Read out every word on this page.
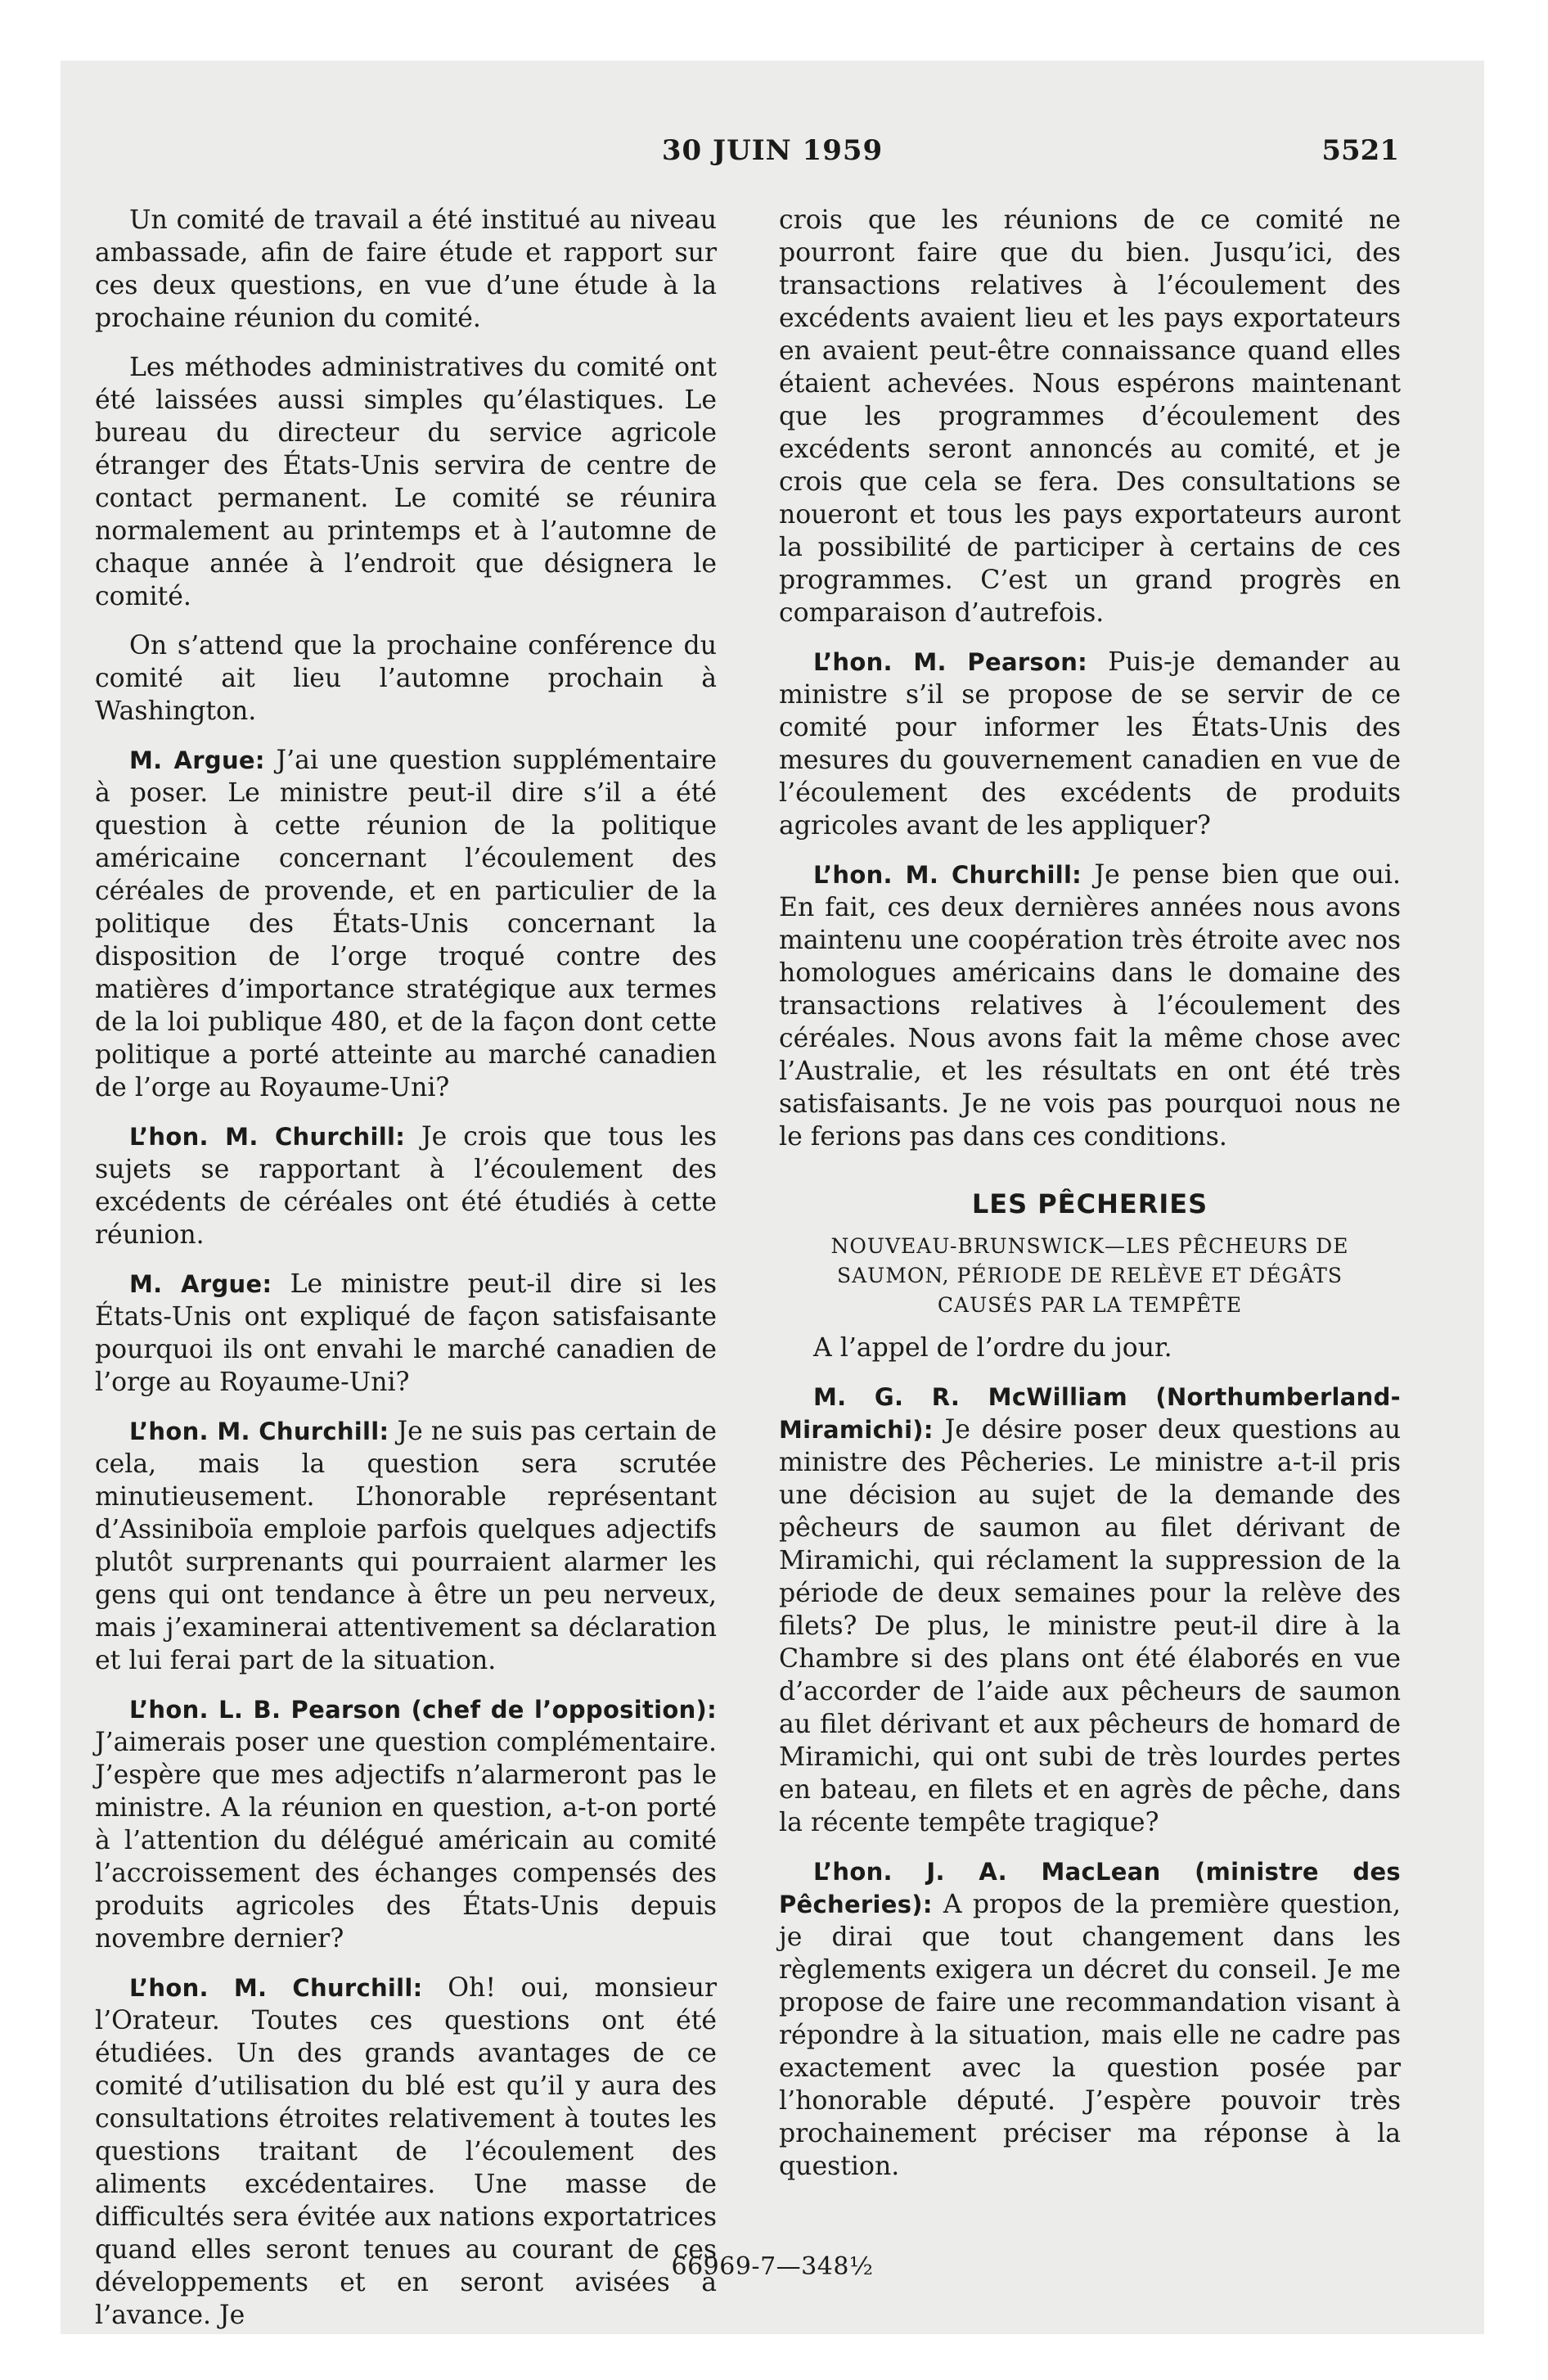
30 JUIN 1959	5521

Un comité de travail a été institué au niveau ambassade, afin de faire étude et rapport sur ces deux questions, en vue d’une étude à la prochaine réunion du comité.

Les méthodes administratives du comité ont été laissées aussi simples qu’élastiques. Le bureau du directeur du service agricole étranger des États-Unis servira de centre de contact permanent. Le comité se réunira normalement au printemps et à l’automne de chaque année à l’endroit que désignera le comité.

On s’attend que la prochaine conférence du comité ait lieu l’automne prochain à Washington.

M. Argue: J’ai une question supplémentaire à poser. Le ministre peut-il dire s’il a été question à cette réunion de la politique américaine concernant l’écoulement des céréales de provende, et en particulier de la politique des États-Unis concernant la disposition de l’orge troqué contre des matières d’importance stratégique aux termes de la loi publique 480, et de la façon dont cette politique a porté atteinte au marché canadien de l’orge au Royaume-Uni?

L’hon. M. Churchill: Je crois que tous les sujets se rapportant à l’écoulement des excédents de céréales ont été étudiés à cette réunion.

M. Argue: Le ministre peut-il dire si les États-Unis ont expliqué de façon satisfaisante pourquoi ils ont envahi le marché canadien de l’orge au Royaume-Uni?

L’hon. M. Churchill: Je ne suis pas certain de cela, mais la question sera scrutée minutieusement. L’honorable représentant d’Assiniboïa emploie parfois quelques adjectifs plutôt surprenants qui pourraient alarmer les gens qui ont tendance à être un peu nerveux, mais j’examinerai attentivement sa déclaration et lui ferai part de la situation.

L’hon. L. B. Pearson (chef de l’opposition): J’aimerais poser une question complémentaire. J’espère que mes adjectifs n’alarmeront pas le ministre. A la réunion en question, a-t-on porté à l’attention du délégué américain au comité l’accroissement des échanges compensés des produits agricoles des États-Unis depuis novembre dernier?

L’hon. M. Churchill: Oh! oui, monsieur l’Orateur. Toutes ces questions ont été étudiées. Un des grands avantages de ce comité d’utilisation du blé est qu’il y aura des consultations étroites relativement à toutes les questions traitant de l’écoulement des aliments excédentaires. Une masse de difficultés sera évitée aux nations exportatrices quand elles seront tenues au courant de ces développements et en seront avisées à l’avance. Je

crois que les réunions de ce comité ne pourront faire que du bien. Jusqu’ici, des transactions relatives à l’écoulement des excédents avaient lieu et les pays exportateurs en avaient peut-être connaissance quand elles étaient achevées. Nous espérons maintenant que les programmes d’écoulement des excédents seront annoncés au comité, et je crois que cela se fera. Des consultations se noueront et tous les pays exportateurs auront la possibilité de participer à certains de ces programmes. C’est un grand progrès en comparaison d’autrefois.

L’hon. M. Pearson: Puis-je demander au ministre s’il se propose de se servir de ce comité pour informer les États-Unis des mesures du gouvernement canadien en vue de l’écoulement des excédents de produits agricoles avant de les appliquer?

L’hon. M. Churchill: Je pense bien que oui. En fait, ces deux dernières années nous avons maintenu une coopération très étroite avec nos homologues américains dans le domaine des transactions relatives à l’écoulement des céréales. Nous avons fait la même chose avec l’Australie, et les résultats en ont été très satisfaisants. Je ne vois pas pourquoi nous ne le ferions pas dans ces conditions.

LES PÊCHERIES
NOUVEAU-BRUNSWICK—LES PÊCHEURS DE SAUMON, PÉRIODE DE RELÈVE ET DÉGÂTS CAUSÉS PAR LA TEMPÊTE

A l’appel de l’ordre du jour.

M. G. R. McWilliam (Northumberland-Miramichi): Je désire poser deux questions au ministre des Pêcheries. Le ministre a-t-il pris une décision au sujet de la demande des pêcheurs de saumon au filet dérivant de Miramichi, qui réclament la suppression de la période de deux semaines pour la relève des filets? De plus, le ministre peut-il dire à la Chambre si des plans ont été élaborés en vue d’accorder de l’aide aux pêcheurs de saumon au filet dérivant et aux pêcheurs de homard de Miramichi, qui ont subi de très lourdes pertes en bateau, en filets et en agrès de pêche, dans la récente tempête tragique?

L’hon. J. A. MacLean (ministre des Pêcheries): A propos de la première question, je dirai que tout changement dans les règlements exigera un décret du conseil. Je me propose de faire une recommandation visant à répondre à la situation, mais elle ne cadre pas exactement avec la question posée par l’honorable député. J’espère pouvoir très prochainement préciser ma réponse à la question.

66969-7—348½
